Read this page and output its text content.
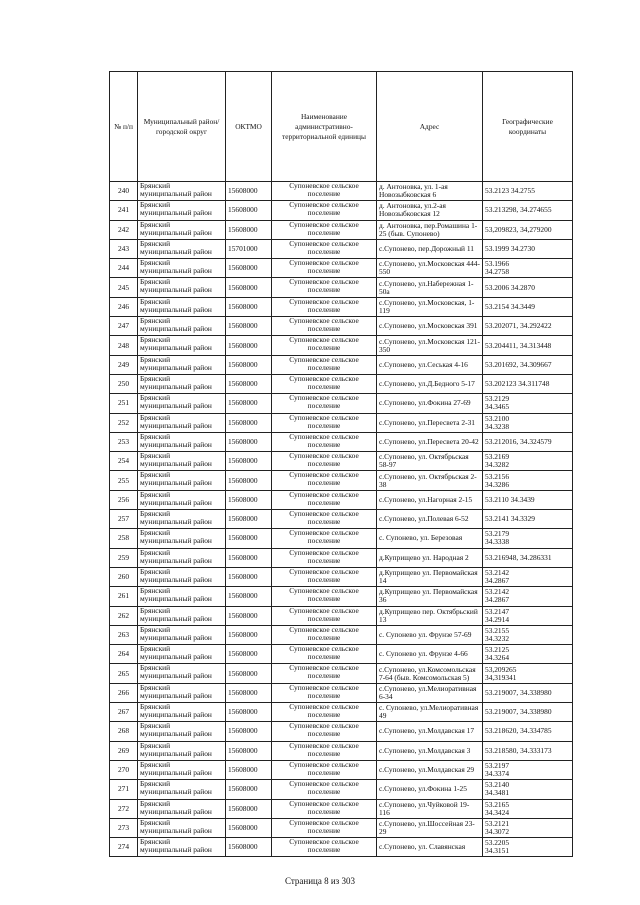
№ п/п	Муниципальный район/городской округ	ОКТМО	Наименование административно-территориальной единицы	Адрес	Географические координаты
240	Брянский муниципальный район	15608000	Супоневское сельское поселение	д. Антоновка, ул. 1-ая Новозыбковская 6	53.2123 34.2755
241	Брянский муниципальный район	15608000	Супоневское сельское поселение	д. Антоновка, ул.2-ая Новозыбковская 12	53.213298, 34.274655
242	Брянский муниципальный район	15608000	Супоневское сельское поселение	д. Антоновка, пер.Ромашина 1-25 (быв. Супонево)	53,209823, 34,279200
243	Брянский муниципальный район	15701000	Супоневское сельское поселение	с.Супонево, пер.Дорожный 11	53.1999 34.2730
244	Брянский муниципальный район	15608000	Супоневское сельское поселение	с.Супонево, ул.Московская 444-550	53.1966
34.2758
245	Брянский муниципальный район	15608000	Супоневское сельское поселение	с.Супонево, ул.Набережная 1-50а	53.2006 34.2870
246	Брянский муниципальный район	15608000	Супоневское сельское поселение	с.Супонево, ул.Московская, 1-119	53.2154 34.3449
247	Брянский муниципальный район	15608000	Супоневское сельское поселение	с.Супонево, ул.Московская 391	53.202071, 34.292422
248	Брянский муниципальный район	15608000	Супоневское сельское поселение	с.Супонево, ул.Московская 121-350	53.204411, 34.313448
249	Брянский муниципальный район	15608000	Супоневское сельское поселение	с.Супонево, ул.Сеськая 4-16	53.201692, 34.309667
250	Брянский муниципальный район	15608000	Супоневское сельское поселение	с.Супонево, ул.Д.Бедного 5-17	53.202123 34.311748
251	Брянский муниципальный район	15608000	Супоневское сельское поселение	с.Супонево, ул.Фокина 27-69	53.2129
34.3465
252	Брянский муниципальный район	15608000	Супоневское сельское поселение	с.Супонево, ул.Пересвета 2-31	53.2100
34.3238
253	Брянский муниципальный район	15608000	Супоневское сельское поселение	с.Супонево, ул.Пересвета 20-42	53.212016, 34.324579
254	Брянский муниципальный район	15608000	Супоневское сельское поселение	с.Супонево, ул. Октябрьская 58-97	53.2169
34.3282
255	Брянский муниципальный район	15608000	Супоневское сельское поселение	с.Супонево, ул. Октябрьская 2-38	53.2156
34.3286
256	Брянский муниципальный район	15608000	Супоневское сельское поселение	с.Супонево, ул.Нагорная 2-15	53.2110 34.3439
257	Брянский муниципальный район	15608000	Супоневское сельское поселение	с.Супонево, ул.Полевая 6-52	53.2141 34.3329
258	Брянский муниципальный район	15608000	Супоневское сельское поселение	с. Супонево, ул. Березовая	53.2179
34.3338
259	Брянский муниципальный район	15608000	Супоневское сельское поселение	д.Куприщево ул. Народная 2	53.216948, 34.286331
260	Брянский муниципальный район	15608000	Супоневское сельское поселение	д.Куприщево ул. Первомайская 14	53.2142
34.2867
261	Брянский муниципальный район	15608000	Супоневское сельское поселение	д.Куприщево ул. Первомайская 36	53.2142
34.2867
262	Брянский муниципальный район	15608000	Супоневское сельское поселение	д.Куприщево пер. Октябрьский 13	53.2147
34.2914
263	Брянский муниципальный район	15608000	Супоневское сельское поселение	с. Супонево ул. Фрунзе 57-69	53.2155
34.3232
264	Брянский муниципальный район	15608000	Супоневское сельское поселение	с. Супонево ул. Фрунзе 4-66	53.2125
34.3264
265	Брянский муниципальный район	15608000	Супоневское сельское поселение	с.Супонево, ул.Комсомольская 7-64 (быв. Комсомольская 5)	53,209265
34,319341
266	Брянский муниципальный район	15608000	Супоневское сельское поселение	с.Супонево, ул.Мелиоративная 6-34	53.219007, 34.338980
267	Брянский муниципальный район	15608000	Супоневское сельское поселение	с. Супонево, ул.Мелиоративная 49	53.219007, 34.338980
268	Брянский муниципальный район	15608000	Супоневское сельское поселение	с.Супонево, ул.Молдавская 17	53.218620, 34.334785
269	Брянский муниципальный район	15608000	Супоневское сельское поселение	с.Супонево, ул.Молдавская 3	53.218580, 34.333173
270	Брянский муниципальный район	15608000	Супоневское сельское поселение	с.Супонево, ул.Молдавская 29	53.2197
34.3374
271	Брянский муниципальный район	15608000	Супоневское сельское поселение	с.Супонево, ул.Фокина 1-25	53.2140
34.3481
272	Брянский муниципальный район	15608000	Супоневское сельское поселение	с.Супонево, ул.Чуйковой 19-116	53.2165
34.3424
273	Брянский муниципальный район	15608000	Супоневское сельское поселение	с.Супонево, ул.Шоссейная 23-29	53.2121
34.3072
274	Брянский муниципальный район	15608000	Супоневское сельское поселение	с.Супонево, ул. Славянская	53.2205
34.3151
Страница 8 из 303
